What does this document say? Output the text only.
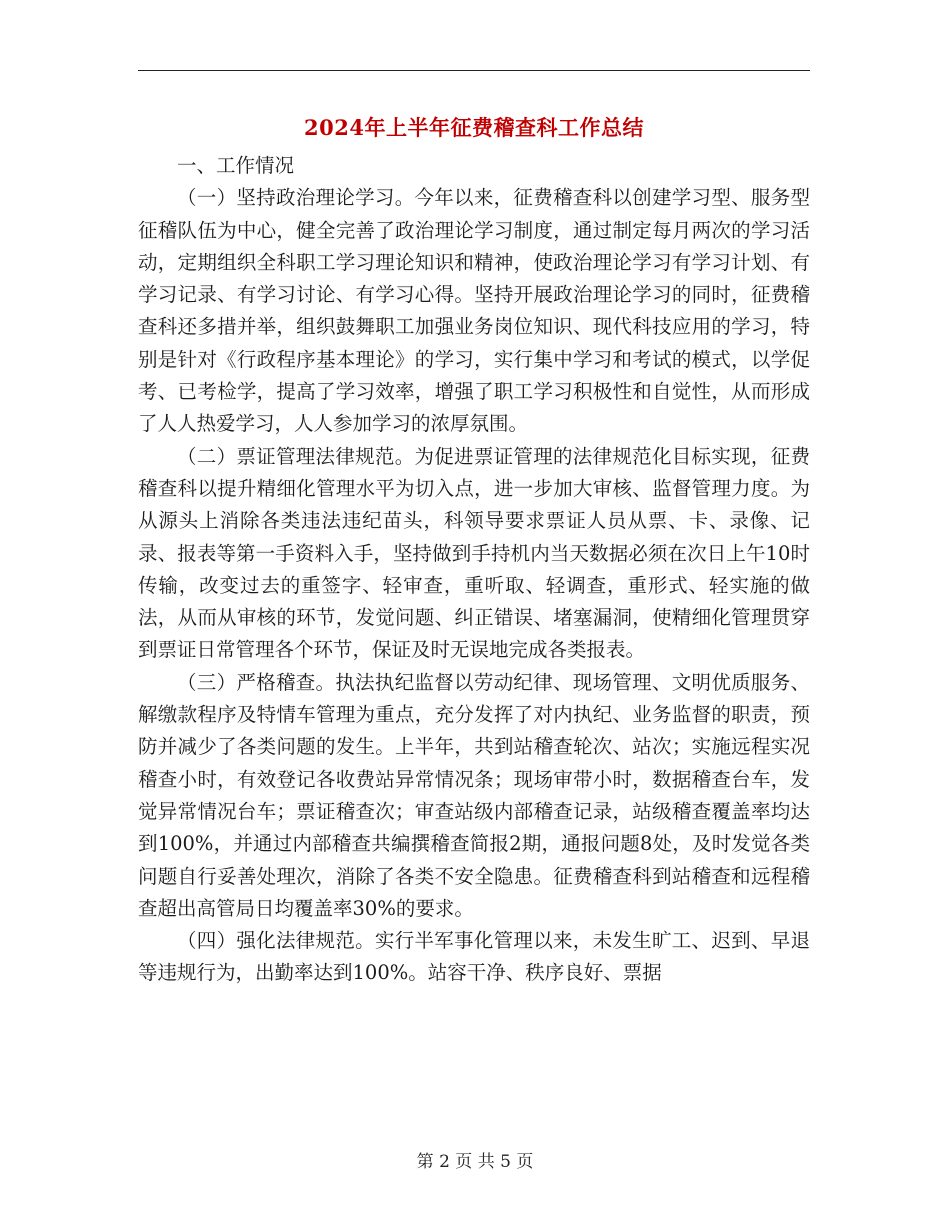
2024年上半年征费稽查科工作总结

一、工作情况

（一）坚持政治理论学习。今年以来，征费稽查科以创建学习型、服务型征稽队伍为中心，健全完善了政治理论学习制度，通过制定每月两次的学习活动，定期组织全科职工学习理论知识和精神，使政治理论学习有学习计划、有学习记录、有学习讨论、有学习心得。坚持开展政治理论学习的同时，征费稽查科还多措并举，组织鼓舞职工加强业务岗位知识、现代科技应用的学习，特别是针对《行政程序基本理论》的学习，实行集中学习和考试的模式，以学促考、已考检学，提高了学习效率，增强了职工学习积极性和自觉性，从而形成了人人热爱学习，人人参加学习的浓厚氛围。

（二）票证管理法律规范。为促进票证管理的法律规范化目标实现，征费稽查科以提升精细化管理水平为切入点，进一步加大审核、监督管理力度。为从源头上消除各类违法违纪苗头，科领导要求票证人员从票、卡、录像、记录、报表等第一手资料入手，坚持做到手持机内当天数据必须在次日上午10时传输，改变过去的重签字、轻审查，重听取、轻调查，重形式、轻实施的做法，从而从审核的环节，发觉问题、纠正错误、堵塞漏洞，使精细化管理贯穿到票证日常管理各个环节，保证及时无误地完成各类报表。

（三）严格稽查。执法执纪监督以劳动纪律、现场管理、文明优质服务、解缴款程序及特情车管理为重点，充分发挥了对内执纪、业务监督的职责，预防并减少了各类问题的发生。上半年，共到站稽查轮次、站次；实施远程实况稽查小时，有效登记各收费站异常情况条；现场审带小时，数据稽查台车，发觉异常情况台车；票证稽查次；审查站级内部稽查记录，站级稽查覆盖率均达到100%，并通过内部稽查共编撰稽查简报2期，通报问题8处，及时发觉各类问题自行妥善处理次，消除了各类不安全隐患。征费稽查科到站稽查和远程稽查超出高管局日均覆盖率30%的要求。

（四）强化法律规范。实行半军事化管理以来，未发生旷工、迟到、早退等违规行为，出勤率达到100%。站容干净、秩序良好、票据

第 2 页 共 5 页
